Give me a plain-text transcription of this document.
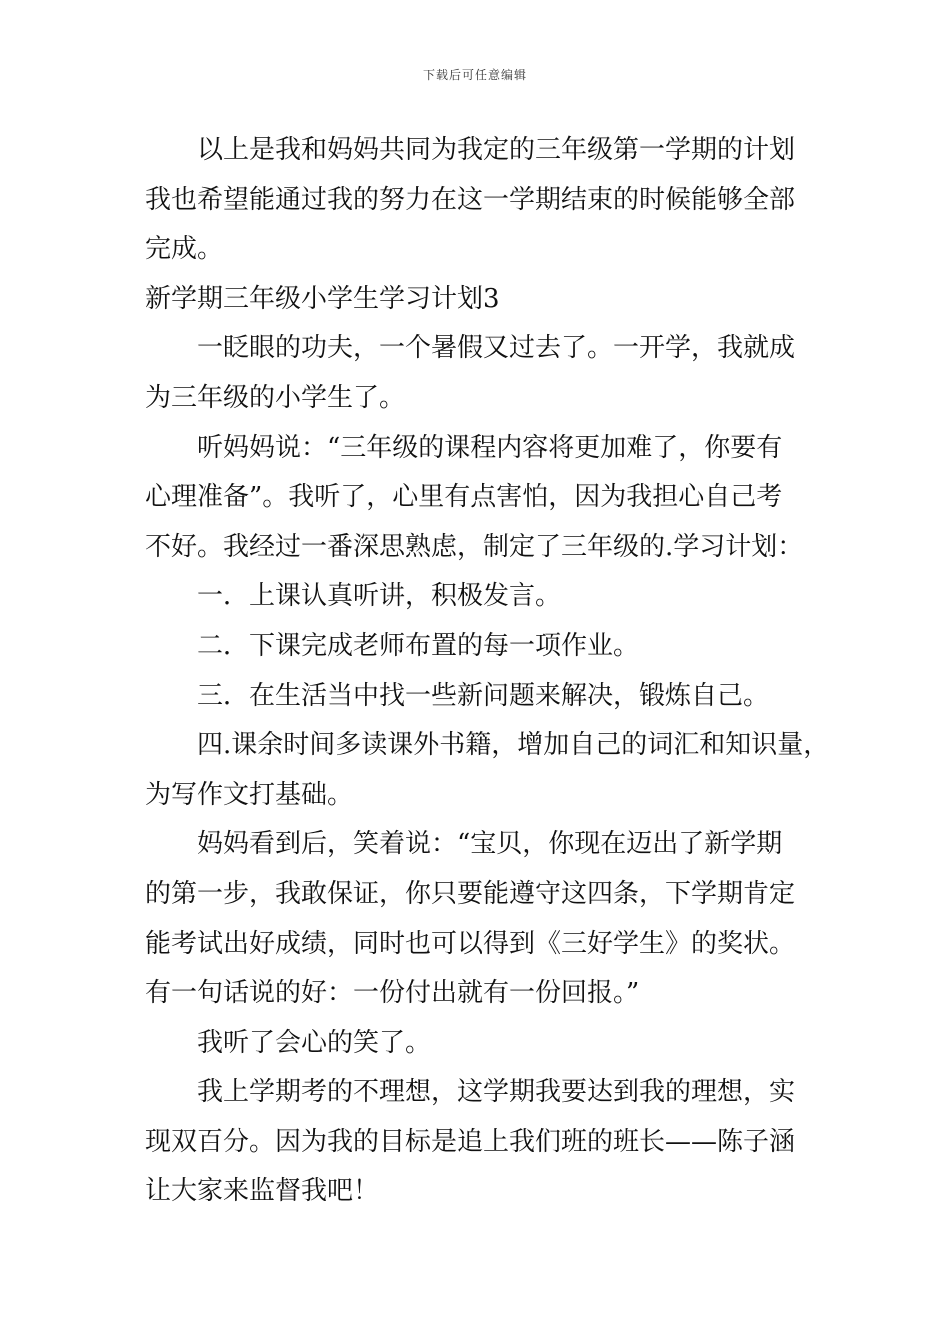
下载后可任意编辑
以上是我和妈妈共同为我定的三年级第一学期的计划
我也希望能通过我的努力在这一学期结束的时候能够全部
完成。
新学期三年级小学生学习计划3
一眨眼的功夫，一个暑假又过去了。一开学，我就成
为三年级的小学生了。
听妈妈说：“三年级的课程内容将更加难了，你要有
心理准备”。我听了，心里有点害怕，因为我担心自己考
不好。我经过一番深思熟虑，制定了三年级的.学习计划：
一．上课认真听讲，积极发言。
二．下课完成老师布置的每一项作业。
三．在生活当中找一些新问题来解决，锻炼自己。
四.课余时间多读课外书籍，增加自己的词汇和知识量，
为写作文打基础。
妈妈看到后，笑着说：“宝贝，你现在迈出了新学期
的第一步，我敢保证，你只要能遵守这四条，下学期肯定
能考试出好成绩，同时也可以得到《三好学生》的奖状。
有一句话说的好：一份付出就有一份回报。”
我听了会心的笑了。
我上学期考的不理想，这学期我要达到我的理想，实
现双百分。因为我的目标是追上我们班的班长——陈子涵
让大家来监督我吧！
